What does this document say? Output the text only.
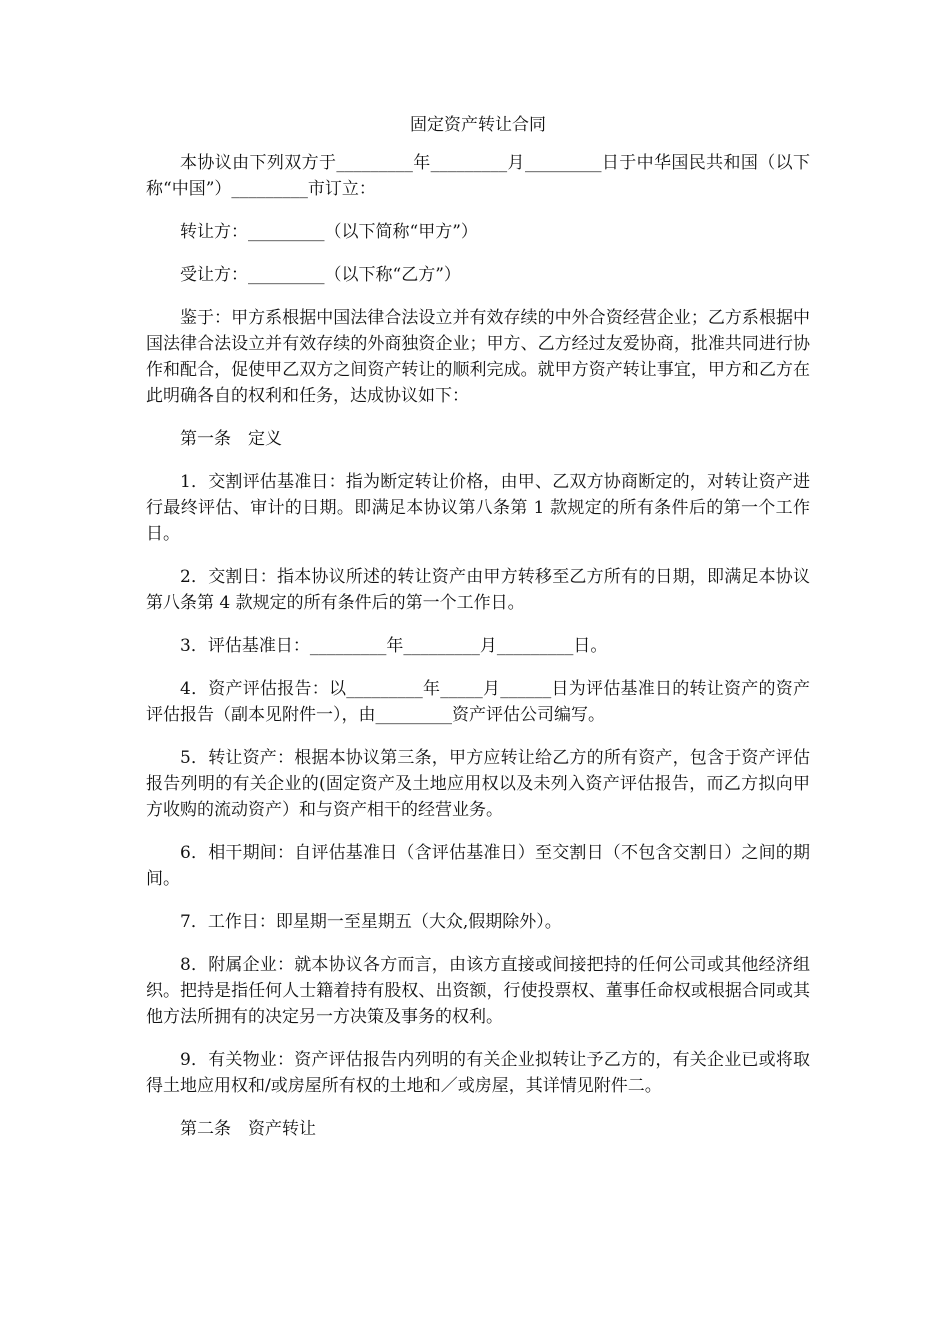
固定资产转让合同

本协议由下列双方于_________年_________月_________日于中华国民共和国（以下称“中国”）_________市订立：

转让方：_________（以下简称“甲方”）

受让方：_________（以下称“乙方”）

鉴于：甲方系根据中国法律合法设立并有效存续的中外合资经营企业；乙方系根据中国法律合法设立并有效存续的外商独资企业；甲方、乙方经过友爱协商，批准共同进行协作和配合，促使甲乙双方之间资产转让的顺利完成。就甲方资产转让事宜，甲方和乙方在此明确各自的权利和任务，达成协议如下：

第一条　定义

1．交割评估基准日：指为断定转让价格，由甲、乙双方协商断定的，对转让资产进行最终评估、审计的日期。即满足本协议第八条第 1 款规定的所有条件后的第一个工作日。

2．交割日：指本协议所述的转让资产由甲方转移至乙方所有的日期，即满足本协议第八条第 4 款规定的所有条件后的第一个工作日。

3．评估基准日：_________年_________月_________日。

4．资产评估报告：以_________年_____月______日为评估基准日的转让资产的资产评估报告（副本见附件一），由_________资产评估公司编写。

5．转让资产：根据本协议第三条，甲方应转让给乙方的所有资产，包含于资产评估报告列明的有关企业的(固定资产及土地应用权以及未列入资产评估报告，而乙方拟向甲方收购的流动资产）和与资产相干的经营业务。

6．相干期间：自评估基准日（含评估基准日）至交割日（不包含交割日）之间的期间。

7．工作日：即星期一至星期五（大众,假期除外）。

8．附属企业：就本协议各方而言，由该方直接或间接把持的任何公司或其他经济组织。把持是指任何人士籍着持有股权、出资额，行使投票权、董事任命权或根据合同或其他方法所拥有的决定另一方决策及事务的权利。

9．有关物业：资产评估报告内列明的有关企业拟转让予乙方的，有关企业已或将取得土地应用权和/或房屋所有权的土地和／或房屋，其详情见附件二。

第二条　资产转让
